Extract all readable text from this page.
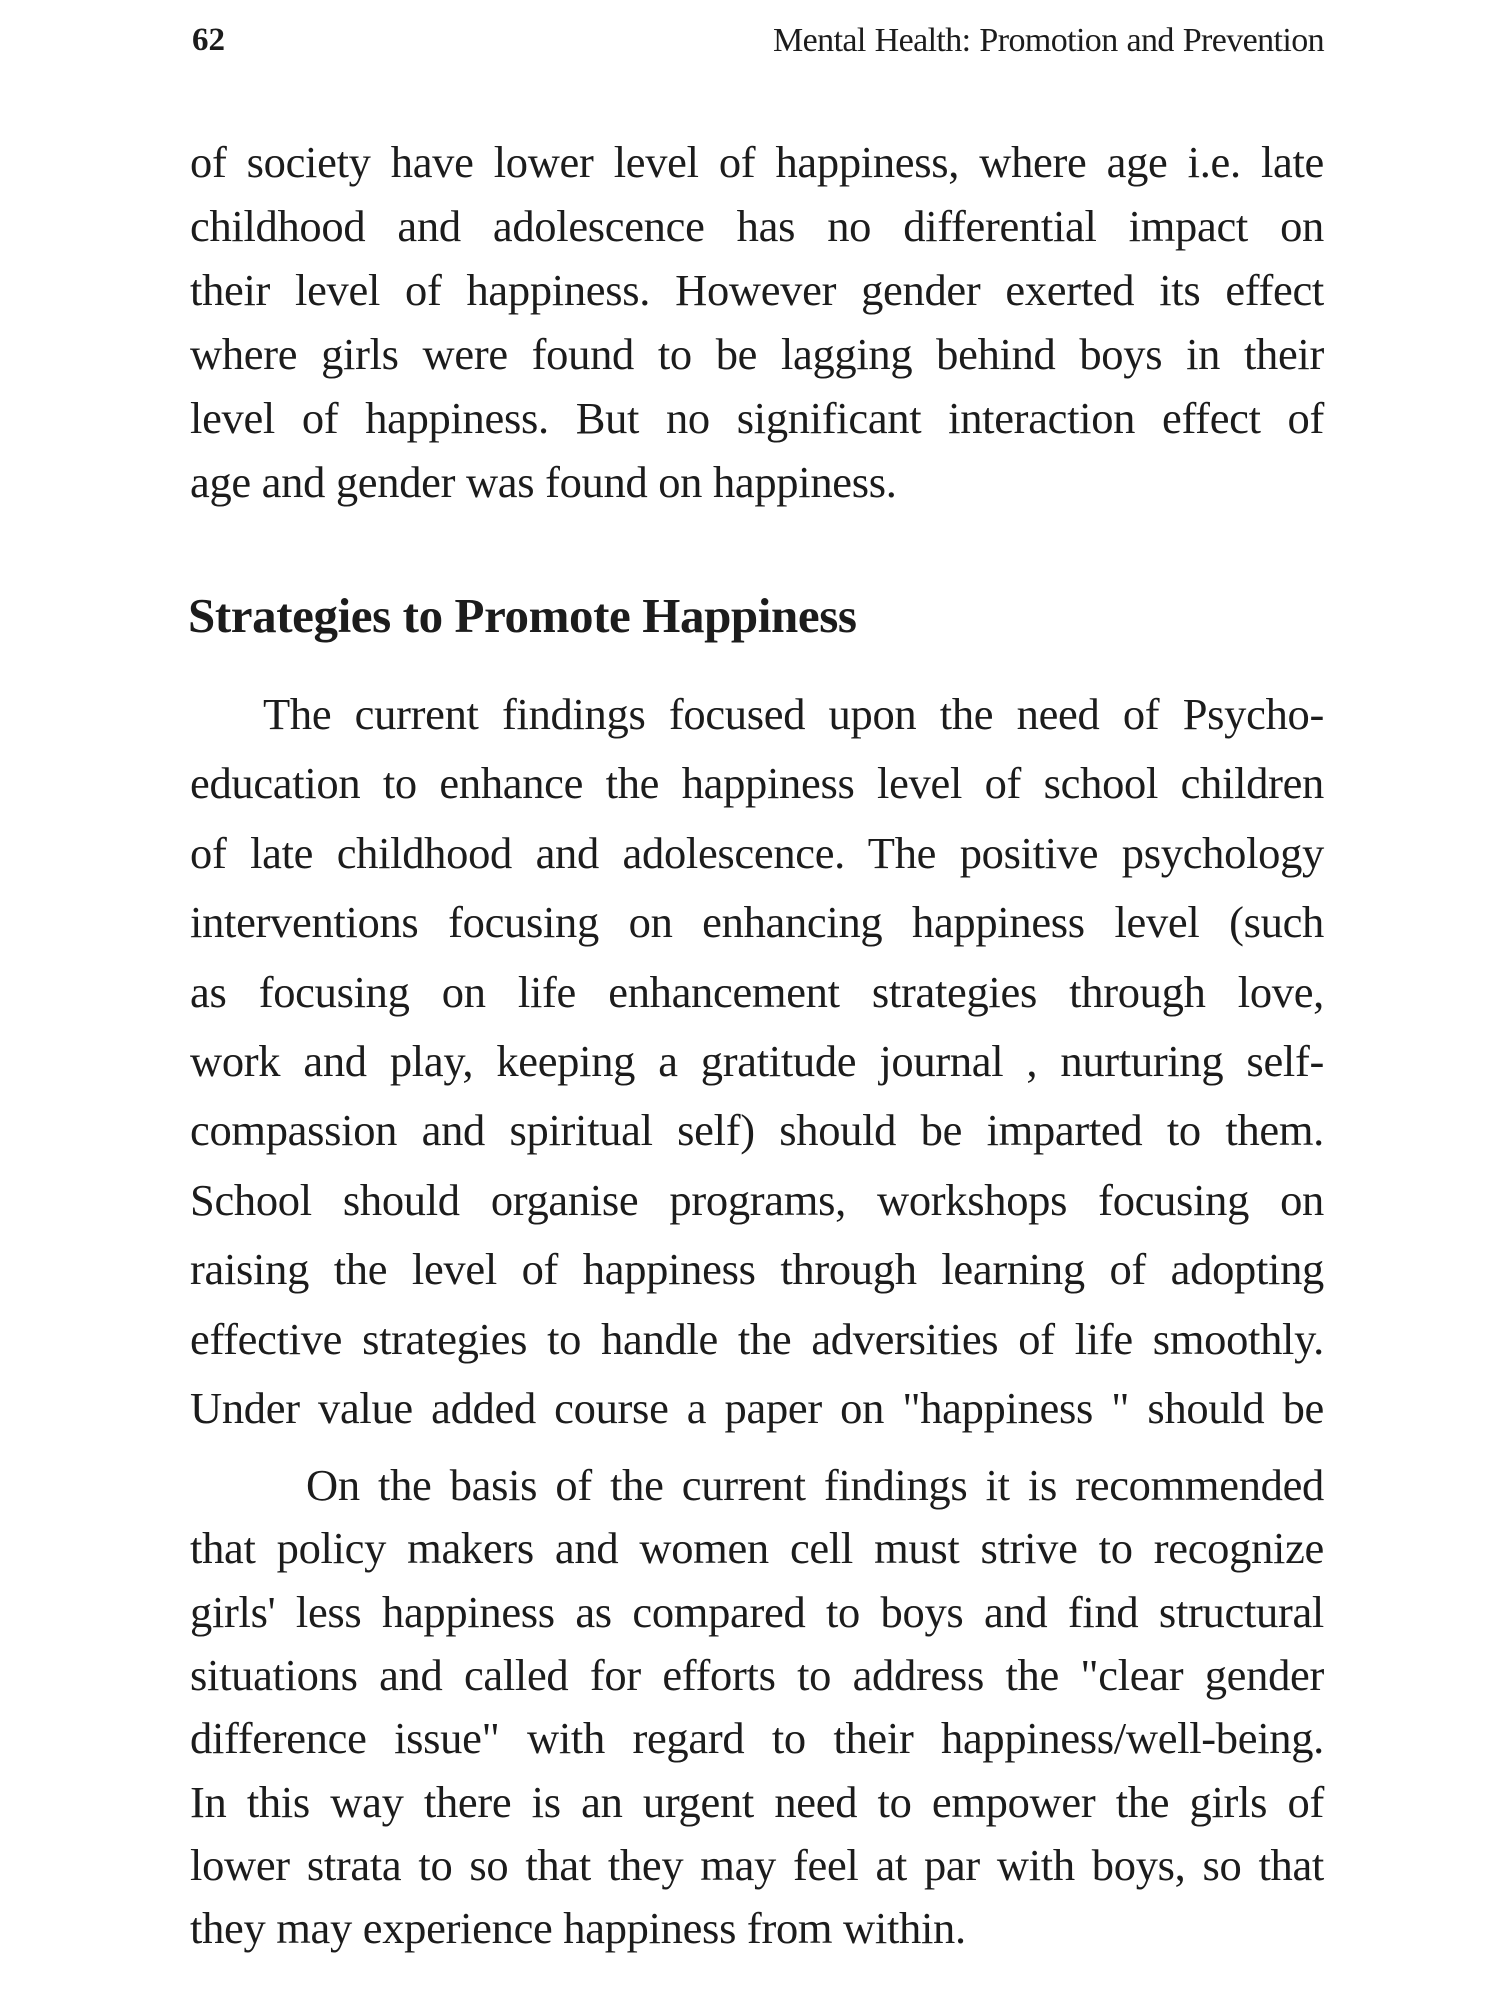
62	Mental Health: Promotion and Prevention
of society have lower level of happiness, where age i.e. late
childhood and adolescence has no differential impact on
their level of happiness. However gender exerted its effect
where girls were found to be lagging behind boys in their
level of happiness. But no significant interaction effect of
age and gender was found on happiness.
Strategies to Promote Happiness
The current findings focused upon the need of Psycho-
education to enhance the happiness level of school children
of late childhood and adolescence. The positive psychology
interventions focusing on enhancing happiness level (such
as focusing on life enhancement strategies through love,
work and play, keeping a gratitude journal , nurturing self-
compassion and spiritual self) should be imparted to them.
School should organise programs, workshops focusing on
raising the level of happiness through learning of adopting
effective strategies to handle the adversities of life smoothly.
Under value added course a paper on "happiness " should be
On the basis of the current findings it is recommended
that policy makers and women cell must strive to recognize
girls' less happiness as compared to boys and find structural
situations and called for efforts to address the "clear gender
difference issue" with regard to their happiness/well-being.
In this way there is an urgent need to empower the girls of
lower strata to so that they may feel at par with boys, so that
they may experience happiness from within.
